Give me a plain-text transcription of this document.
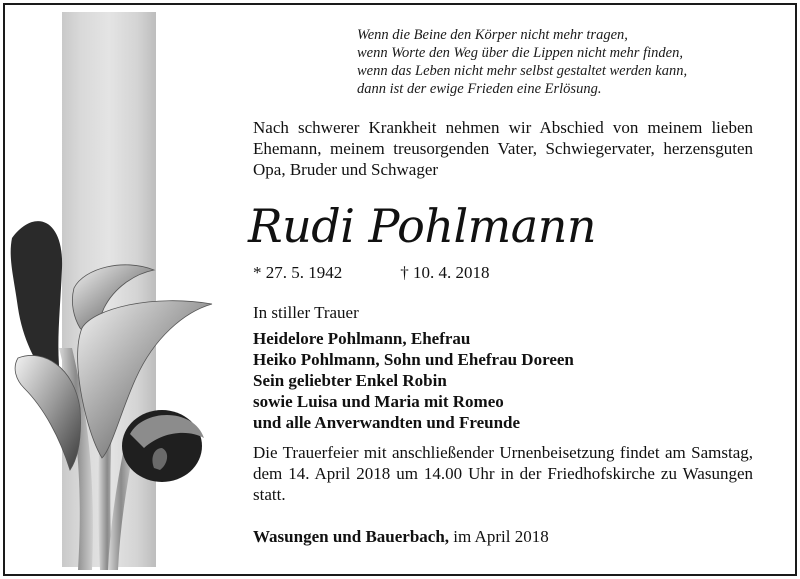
Wenn die Beine den Körper nicht mehr tragen,
wenn Worte den Weg über die Lippen nicht mehr finden,
wenn das Leben nicht mehr selbst gestaltet werden kann,
dann ist der ewige Frieden eine Erlösung.
Nach schwerer Krankheit nehmen wir Abschied von meinem lieben Ehemann, meinem treusorgenden Vater, Schwiegervater, herzensguten Opa, Bruder und Schwager
Rudi Pohlmann
* 27. 5. 1942	† 10. 4. 2018
In stiller Trauer
Heidelore Pohlmann, Ehefrau
Heiko Pohlmann, Sohn und Ehefrau Doreen
Sein geliebter Enkel Robin
sowie Luisa und Maria mit Romeo
und alle Anverwandten und Freunde
Die Trauerfeier mit anschließender Urnenbeisetzung findet am Samstag, dem 14. April 2018 um 14.00 Uhr in der Friedhofskirche zu Wasungen statt.
Wasungen und Bauerbach, im April 2018
